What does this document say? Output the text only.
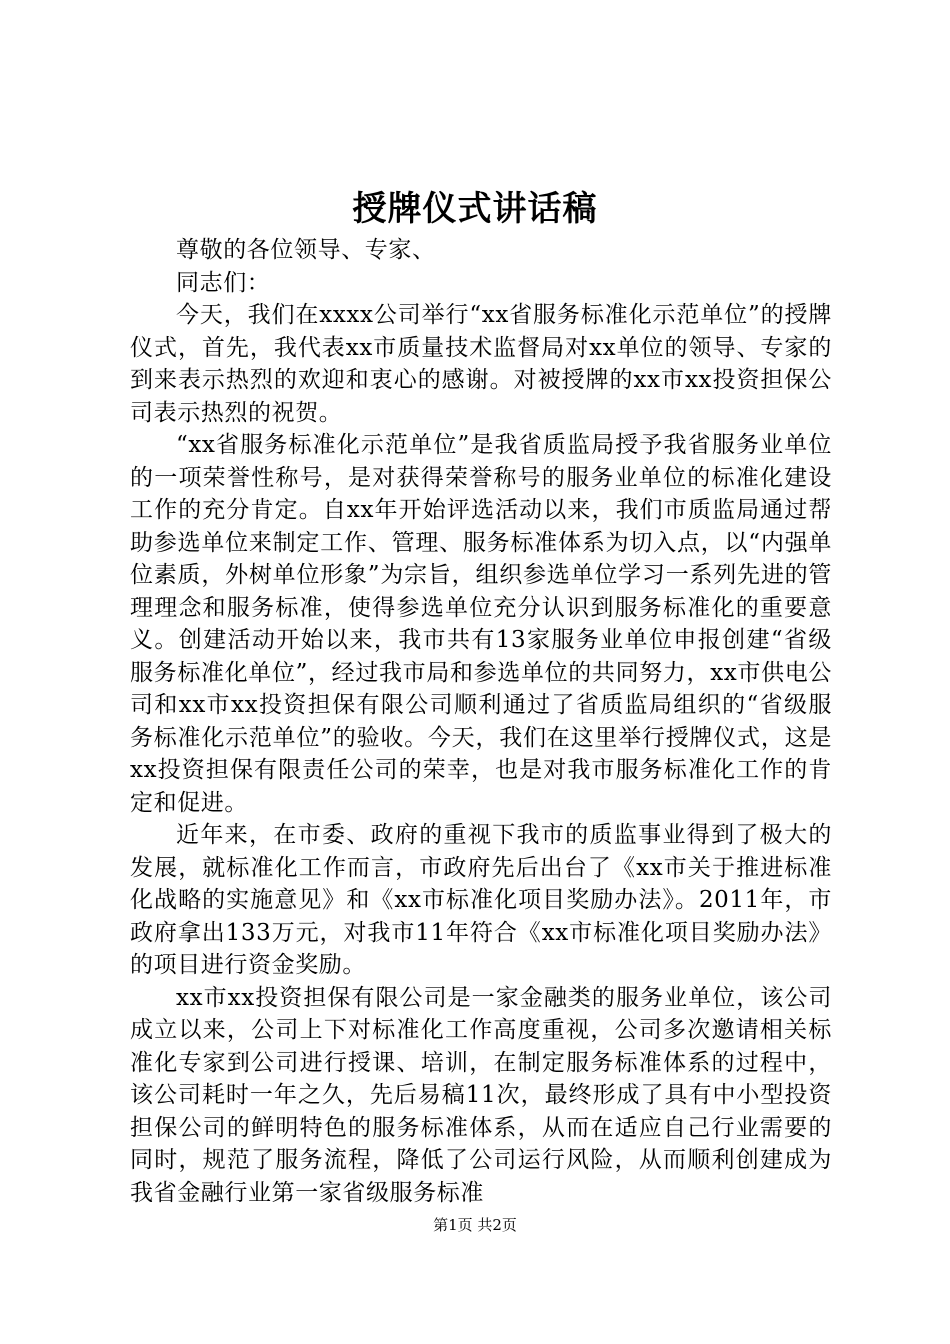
授牌仪式讲话稿

尊敬的各位领导、专家、

同志们：

今天，我们在xxxx公司举行“xx省服务标准化示范单位”的授牌仪式，首先，我代表xx市质量技术监督局对xx单位的领导、专家的到来表示热烈的欢迎和衷心的感谢。对被授牌的xx市xx投资担保公司表示热烈的祝贺。

“xx省服务标准化示范单位”是我省质监局授予我省服务业单位的一项荣誉性称号，是对获得荣誉称号的服务业单位的标准化建设工作的充分肯定。自xx年开始评选活动以来，我们市质监局通过帮助参选单位来制定工作、管理、服务标准体系为切入点，以“内强单位素质，外树单位形象”为宗旨，组织参选单位学习一系列先进的管理理念和服务标准，使得参选单位充分认识到服务标准化的重要意义。创建活动开始以来，我市共有13家服务业单位申报创建“省级服务标准化单位”，经过我市局和参选单位的共同努力，xx市供电公司和xx市xx投资担保有限公司顺利通过了省质监局组织的“省级服务标准化示范单位”的验收。今天，我们在这里举行授牌仪式，这是xx投资担保有限责任公司的荣幸，也是对我市服务标准化工作的肯定和促进。

近年来，在市委、政府的重视下我市的质监事业得到了极大的发展，就标准化工作而言，市政府先后出台了《xx市关于推进标准化战略的实施意见》和《xx市标准化项目奖励办法》。2011年，市政府拿出133万元，对我市11年符合《xx市标准化项目奖励办法》的项目进行资金奖励。

xx市xx投资担保有限公司是一家金融类的服务业单位，该公司成立以来，公司上下对标准化工作高度重视，公司多次邀请相关标准化专家到公司进行授课、培训，在制定服务标准体系的过程中，该公司耗时一年之久，先后易稿11次，最终形成了具有中小型投资担保公司的鲜明特色的服务标准体系，从而在适应自己行业需要的同时，规范了服务流程，降低了公司运行风险，从而顺利创建成为我省金融行业第一家省级服务标准

第1页 共2页
